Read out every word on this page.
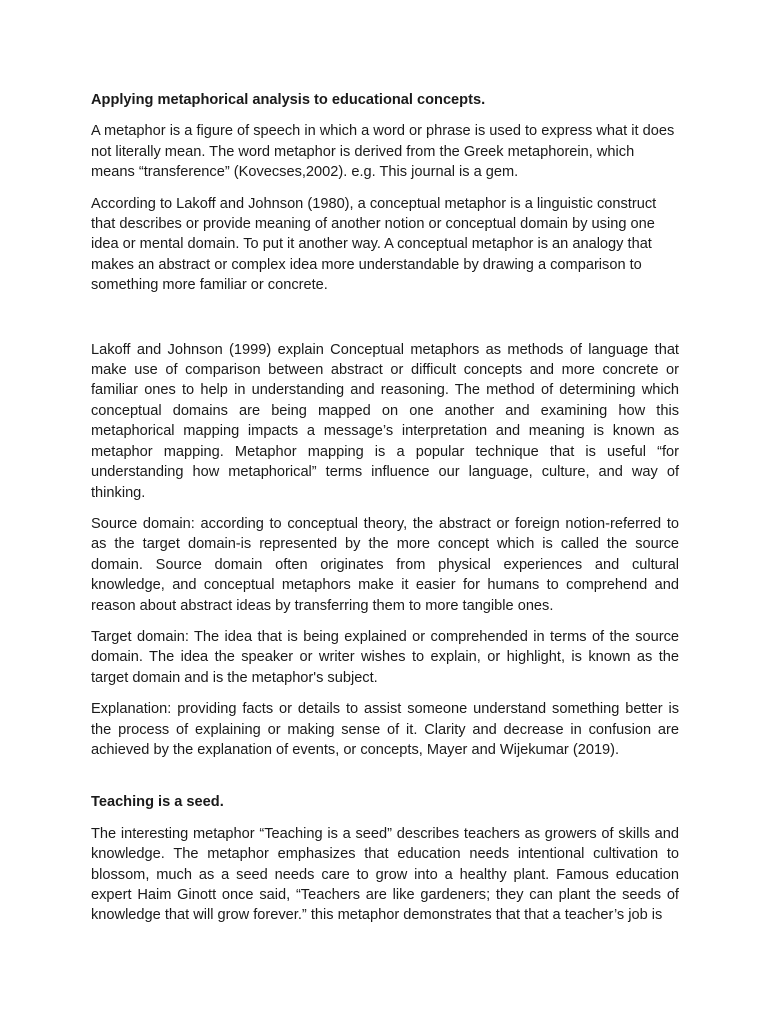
Applying metaphorical analysis to educational concepts.

A metaphor is a figure of speech in which a word or phrase is used to express what it does not literally mean. The word metaphor is derived from the Greek metaphorein, which means “transference” (Kovecses,2002). e.g. This journal is a gem.

According to Lakoff and Johnson (1980), a conceptual metaphor is a linguistic construct that describes or provide meaning of another notion or conceptual domain by using one idea or mental domain. To put it another way. A conceptual metaphor is an analogy that makes an abstract or complex idea more understandable by drawing a comparison to something more familiar or concrete.

Lakoff and Johnson (1999) explain Conceptual metaphors as methods of language that make use of comparison between abstract or difficult concepts and more concrete or familiar ones to help in understanding and reasoning. The method of determining which conceptual domains are being mapped on one another and examining how this metaphorical mapping impacts a message’s interpretation and meaning is known as metaphor mapping. Metaphor mapping is a popular technique that is useful “for understanding how metaphorical” terms influence our language, culture, and way of thinking.

Source domain: according to conceptual theory, the abstract or foreign notion-referred to as the target domain-is represented by the more concept which is called the source domain. Source domain often originates from physical experiences and cultural knowledge, and conceptual metaphors make it easier for humans to comprehend and reason about abstract ideas by transferring them to more tangible ones.

Target domain: The idea that is being explained or comprehended in terms of the source domain. The idea the speaker or writer wishes to explain, or highlight, is known as the target domain and is the metaphor's subject.

Explanation: providing facts or details to assist someone understand something better is the process of explaining or making sense of it. Clarity and decrease in confusion are achieved by the explanation of events, or concepts, Mayer and Wijekumar (2019).

Teaching is a seed.

The interesting metaphor “Teaching is a seed” describes teachers as growers of skills and knowledge. The metaphor emphasizes that education needs intentional cultivation to blossom, much as a seed needs care to grow into a healthy plant. Famous education expert Haim Ginott once said, “Teachers are like gardeners; they can plant the seeds of knowledge that will grow forever.” this metaphor demonstrates that that a teacher’s job is
